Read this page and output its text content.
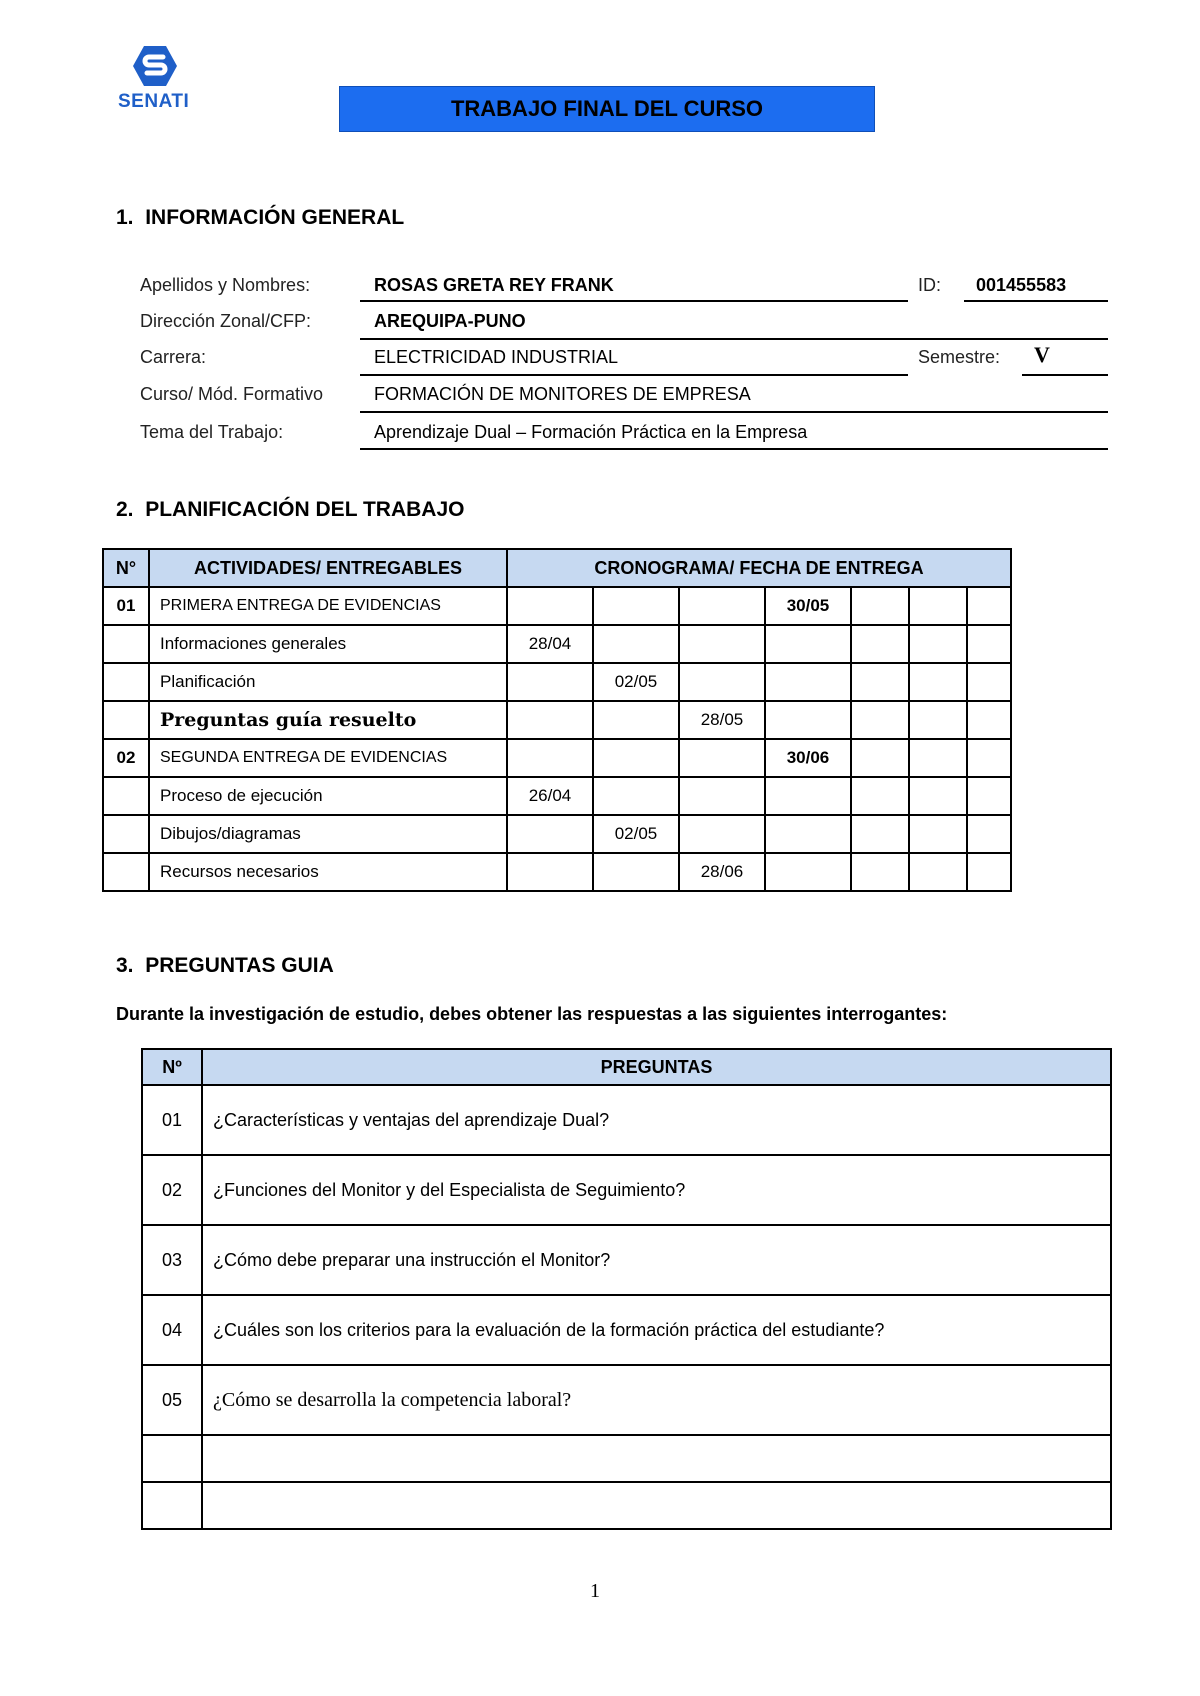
SENATI	TRABAJO FINAL DEL CURSO
1. INFORMACIÓN GENERAL
Apellidos y Nombres:	ROSAS GRETA REY FRANK	ID: 001455583
Dirección Zonal/CFP:	AREQUIPA-PUNO
Carrera:	ELECTRICIDAD INDUSTRIAL	Semestre: V
Curso/ Mód. Formativo	FORMACIÓN DE MONITORES DE EMPRESA
Tema del Trabajo:	Aprendizaje Dual – Formación Práctica en la Empresa
2. PLANIFICACIÓN DEL TRABAJO
N°	ACTIVIDADES/ ENTREGABLES	CRONOGRAMA/ FECHA DE ENTREGA						
01	PRIMERA ENTREGA DE EVIDENCIAS				30/05			
	Informaciones generales	28/04						
	Planificación		02/05					
	Preguntas guía resuelto			28/05				
02	SEGUNDA ENTREGA DE EVIDENCIAS				30/06			
	Proceso de ejecución	26/04						
	Dibujos/diagramas		02/05					
	Recursos necesarios			28/06				
3. PREGUNTAS GUIA
Durante la investigación de estudio, debes obtener las respuestas a las siguientes interrogantes:
Nº	PREGUNTAS
01	¿Características y ventajas del aprendizaje Dual?
02	¿Funciones del Monitor y del Especialista de Seguimiento?
03	¿Cómo debe preparar una instrucción el Monitor?
04	¿Cuáles son los criterios para la evaluación de la formación práctica del estudiante?
05	¿Cómo se desarrolla la competencia laboral?

1
